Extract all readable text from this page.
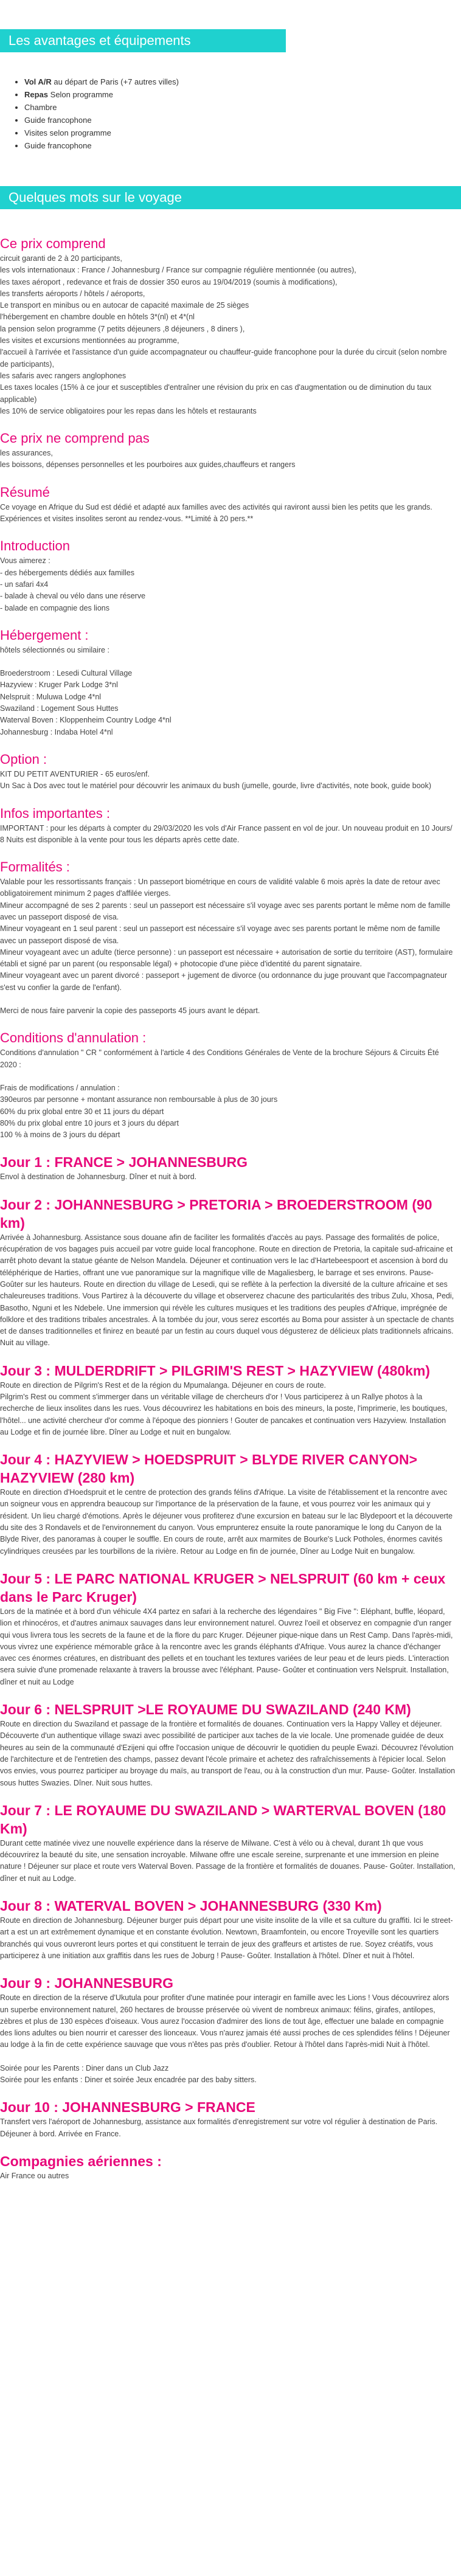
Les avantages et équipements
• Vol A/R au départ de Paris (+7 autres villes)
• Repas Selon programme
• Chambre
• Guide francophone
• Visites selon programme
• Guide francophone
Quelques mots sur le voyage
Ce prix comprend
circuit garanti de 2 à 20 participants,
les vols internationaux : France / Johannesburg / France sur compagnie régulière mentionnée (ou autres),
les taxes aéroport , redevance et frais de dossier 350 euros au 19/04/2019 (soumis à modifications),
les transferts aéroports / hôtels / aéroports,
Le transport en minibus ou en autocar de capacité maximale de 25 sièges
l'hébergement en chambre double en hôtels 3*(nl) et 4*(nl
la pension selon programme (7 petits déjeuners ,8 déjeuners , 8 diners ),
les visites et excursions mentionnées au programme,
l'accueil à l'arrivée et l'assistance d'un guide accompagnateur ou chauffeur-guide francophone pour la durée du circuit (selon nombre de participants),
les safaris avec rangers anglophones
Les taxes locales (15% à ce jour et susceptibles d'entraîner une révision du prix en cas d'augmentation ou de diminution du taux applicable)
les 10% de service obligatoires pour les repas dans les hôtels et restaurants
Ce prix ne comprend pas
les assurances,
les boissons, dépenses personnelles et les pourboires aux guides,chauffeurs et rangers
Résumé
Ce voyage en Afrique du Sud est dédié et adapté aux familles avec des activités qui raviront aussi bien les petits que les grands. Expériences et visites insolites seront au rendez-vous. **Limité à 20 pers.**
Introduction
Vous aimerez :
- des hébergements dédiés aux familles
- un safari 4x4
- balade à cheval ou vélo dans une réserve
- balade en compagnie des lions
Hébergement :
hôtels sélectionnés ou similaire :
Broederstroom : Lesedi Cultural Village
Hazyview : Kruger Park Lodge 3*nl
Nelspruit : Muluwa Lodge 4*nl
Swaziland : Logement Sous Huttes
Waterval Boven : Kloppenheim Country Lodge 4*nl
Johannesburg : Indaba Hotel 4*nl
Option :
KIT DU PETIT AVENTURIER - 65 euros/enf.
Un Sac à Dos avec tout le matériel pour découvrir les animaux du bush (jumelle, gourde, livre d'activités, note book, guide book)
Infos importantes :
IMPORTANT : pour les départs à compter du 29/03/2020 les vols d'Air France passent en vol de jour. Un nouveau produit en 10 Jours/ 8 Nuits est disponible à la vente pour tous les départs après cette date.
Formalités :
Valable pour les ressortissants français : Un passeport biométrique en cours de validité valable 6 mois après la date de retour avec obligatoirement minimum 2 pages d'affilée vierges.
Mineur accompagné de ses 2 parents : seul un passeport est nécessaire s'il voyage avec ses parents portant le même nom de famille avec un passeport disposé de visa.
Mineur voyageant en 1 seul parent : seul un passeport est nécessaire s'il voyage avec ses parents portant le même nom de famille avec un passeport disposé de visa.
Mineur voyageant avec un adulte (tierce personne) : un passeport est nécessaire + autorisation de sortie du territoire (AST), formulaire établi et signé par un parent (ou responsable légal) + photocopie d'une pièce d'identité du parent signataire.
Mineur voyageant avec un parent divorcé : passeport + jugement de divorce (ou ordonnance du juge prouvant que l'accompagnateur s'est vu confier la garde de l'enfant).
Merci de nous faire parvenir la copie des passeports 45 jours avant le départ.
Conditions d'annulation :
Conditions d'annulation " CR " conformément à l'article 4 des Conditions Générales de Vente de la brochure Séjours & Circuits Été 2020 :
Frais de modifications / annulation :
390euros par personne + montant assurance non remboursable à plus de 30 jours
60% du prix global entre 30 et 11 jours du départ
80% du prix global entre 10 jours et 3 jours du départ
100 % à moins de 3 jours du départ
Jour 1 : FRANCE > JOHANNESBURG
Envol à destination de Johannesburg. Dîner et nuit à bord.
Jour 2 : JOHANNESBURG > PRETORIA > BROEDERSTROOM (90 km)
Arrivée à Johannesburg. Assistance sous douane afin de faciliter les formalités d'accès au pays. Passage des formalités de police, récupération de vos bagages puis accueil par votre guide local francophone. Route en direction de Pretoria, la capitale sud-africaine et arrêt photo devant la statue géante de Nelson Mandela. Déjeuner et continuation vers le lac d'Hartebeespoort et ascension à bord du téléphérique de Harties, offrant une vue panoramique sur la magnifique ville de Magaliesberg, le barrage et ses environs. Pause- Goûter sur les hauteurs. Route en direction du village de Lesedi, qui se reflète à la perfection la diversité de la culture africaine et ses chaleureuses traditions. Vous Partirez à la découverte du village et observerez chacune des particularités des tribus Zulu, Xhosa, Pedi, Basotho, Nguni et les Ndebele. Une immersion qui révèle les cultures musiques et les traditions des peuples d'Afrique, imprégnée de folklore et des traditions tribales ancestrales. À la tombée du jour, vous serez escortés au Boma pour assister à un spectacle de chants et de danses traditionnelles et finirez en beauté par un festin au cours duquel vous dégusterez de délicieux plats traditionnels africains. Nuit au village.
Jour 3 : MULDERDRIFT > PILGRIM'S REST > HAZYVIEW (480km)
Route en direction de Pilgrim's Rest et de la région du Mpumalanga. Déjeuner en cours de route.
Pilgrim's Rest ou comment s'immerger dans un véritable village de chercheurs d'or ! Vous participerez à un Rallye photos à la recherche de lieux insolites dans les rues. Vous découvrirez les habitations en bois des mineurs, la poste, l'imprimerie, les boutiques, l'hôtel... une activité chercheur d'or comme à l'époque des pionniers ! Gouter de pancakes et continuation vers Hazyview. Installation au Lodge et fin de journée libre. Dîner au Lodge et nuit en bungalow.
Jour 4 : HAZYVIEW > HOEDSPRUIT > BLYDE RIVER CANYON> HAZYVIEW (280 km)
Route en direction d'Hoedspruit et le centre de protection des grands félins d'Afrique. La visite de l'établissement et la rencontre avec un soigneur vous en apprendra beaucoup sur l'importance de la préservation de la faune, et vous pourrez voir les animaux qui y résident. Un lieu chargé d'émotions. Après le déjeuner vous profiterez d'une excursion en bateau sur le lac Blydepoort et la découverte du site des 3 Rondavels et de l'environnement du canyon. Vous emprunterez ensuite la route panoramique le long du Canyon de la Blyde River, des panoramas à couper le souffle. En cours de route, arrêt aux marmites de Bourke's Luck Potholes, énormes cavités cylindriques creusées par les tourbillons de la rivière. Retour au Lodge en fin de journée, Dîner au Lodge Nuit en bungalow.
Jour 5 : LE PARC NATIONAL KRUGER > NELSPRUIT (60 km + ceux dans le Parc Kruger)
Lors de la matinée et à bord d'un véhicule 4X4 partez en safari à la recherche des légendaires " Big Five ": Eléphant, buffle, léopard, lion et rhinocéros, et d'autres animaux sauvages dans leur environnement naturel. Ouvrez l'oeil et observez en compagnie d'un ranger qui vous livrera tous les secrets de la faune et de la flore du parc Kruger. Déjeuner pique-nique dans un Rest Camp. Dans l'après-midi, vous vivrez une expérience mémorable grâce à la rencontre avec les grands éléphants d'Afrique. Vous aurez la chance d'échanger avec ces énormes créatures, en distribuant des pellets et en touchant les textures variées de leur peau et de leurs pieds. L'interaction sera suivie d'une promenade relaxante à travers la brousse avec l'éléphant. Pause- Goûter et continuation vers Nelspruit. Installation, dîner et nuit au Lodge
Jour 6 : NELSPRUIT >LE ROYAUME DU SWAZILAND (240 KM)
Route en direction du Swaziland et passage de la frontière et formalités de douanes. Continuation vers la Happy Valley et déjeuner. Découverte d'un authentique village swazi avec possibilité de participer aux taches de la vie locale. Une promenade guidée de deux heures au sein de la communauté d'Ezijeni qui offre l'occasion unique de découvrir le quotidien du peuple Ewazi. Découvrez l'évolution de l'architecture et de l'entretien des champs, passez devant l'école primaire et achetez des rafraîchissements à l'épicier local. Selon vos envies, vous pourrez participer au broyage du maïs, au transport de l'eau, ou à la construction d'un mur. Pause- Goûter. Installation sous huttes Swazies. Dîner. Nuit sous huttes.
Jour 7 : LE ROYAUME DU SWAZILAND > WARTERVAL BOVEN (180 Km)
Durant cette matinée vivez une nouvelle expérience dans la réserve de Milwane. C'est à vélo ou à cheval, durant 1h que vous découvrirez la beauté du site, une sensation incroyable. Milwane offre une escale sereine, surprenante et une immersion en pleine nature ! Déjeuner sur place et route vers Waterval Boven. Passage de la frontière et formalités de douanes. Pause- Goûter. Installation, dîner et nuit au Lodge.
Jour 8 : WATERVAL BOVEN > JOHANNESBURG (330 Km)
Route en direction de Johannesburg. Déjeuner burger puis départ pour une visite insolite de la ville et sa culture du graffiti. Ici le street-art a est un art extrêmement dynamique et en constante évolution. Newtown, Braamfontein, ou encore Troyeville sont les quartiers branchés qui vous ouvreront leurs portes et qui constituent le terrain de jeux des graffeurs et artistes de rue. Soyez créatifs, vous participerez à une initiation aux graffitis dans les rues de Joburg ! Pause- Goûter. Installation à l'hôtel. Dîner et nuit à l'hôtel.
Jour 9 : JOHANNESBURG
Route en direction de la réserve d'Ukutula pour profiter d'une matinée pour interagir en famille avec les Lions ! Vous découvrirez alors un superbe environnement naturel, 260 hectares de brousse préservée où vivent de nombreux animaux: félins, girafes, antilopes, zèbres et plus de 130 espèces d'oiseaux. Vous aurez l'occasion d'admirer des lions de tout âge, effectuer une balade en compagnie des lions adultes ou bien nourrir et caresser des lionceaux. Vous n'aurez jamais été aussi proches de ces splendides félins ! Déjeuner au lodge à la fin de cette expérience sauvage que vous n'êtes pas près d'oublier. Retour à l'hôtel dans l'après-midi Nuit à l'hôtel.
Soirée pour les Parents : Diner dans un Club Jazz
Soirée pour les enfants : Diner et soirée Jeux encadrée par des baby sitters.
Jour 10 : JOHANNESBURG > FRANCE
Transfert vers l'aéroport de Johannesburg, assistance aux formalités d'enregistrement sur votre vol régulier à destination de Paris. Déjeuner à bord. Arrivée en France.
Compagnies aériennes :
Air France ou autres
